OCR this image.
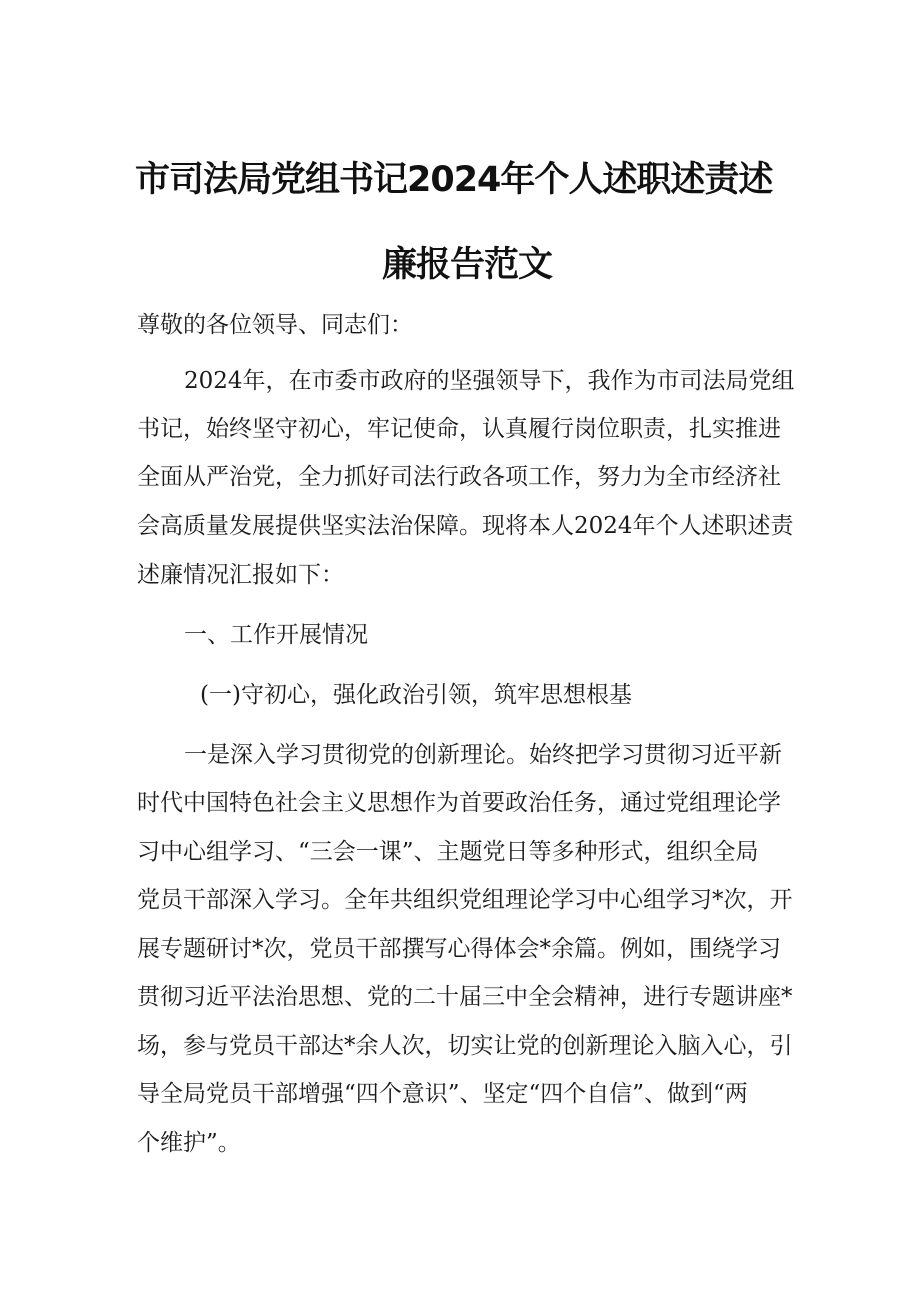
市司法局党组书记2024年个人述职述责述
廉报告范文
尊敬的各位领导、同志们：
2024年，在市委市政府的坚强领导下，我作为市司法局党组
书记，始终坚守初心，牢记使命，认真履行岗位职责，扎实推进
全面从严治党，全力抓好司法行政各项工作，努力为全市经济社
会高质量发展提供坚实法治保障。现将本人2024年个人述职述责
述廉情况汇报如下：
一、工作开展情况
(一)守初心，强化政治引领，筑牢思想根基
一是深入学习贯彻党的创新理论。始终把学习贯彻习近平新
时代中国特色社会主义思想作为首要政治任务，通过党组理论学
习中心组学习、“三会一课”、主题党日等多种形式，组织全局
党员干部深入学习。全年共组织党组理论学习中心组学习*次，开
展专题研讨*次，党员干部撰写心得体会*余篇。例如，围绕学习
贯彻习近平法治思想、党的二十届三中全会精神，进行专题讲座*
场，参与党员干部达*余人次，切实让党的创新理论入脑入心，引
导全局党员干部增强“四个意识”、坚定“四个自信”、做到“两
个维护”。
